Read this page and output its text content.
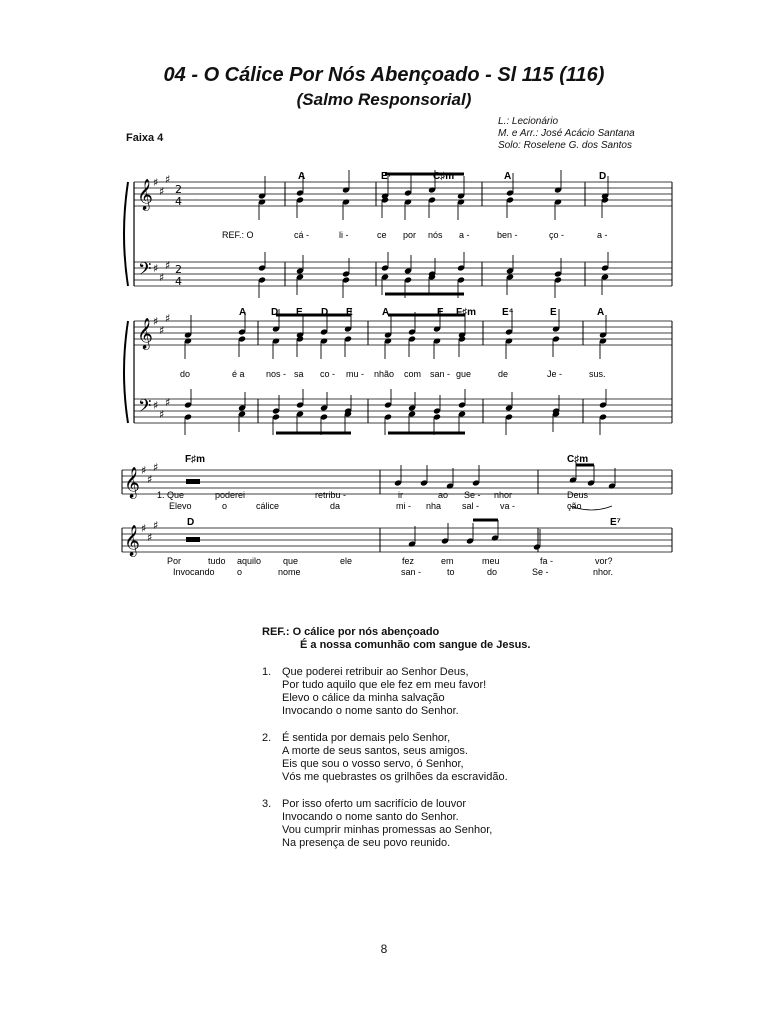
04 - O Cálice Por Nós Abençoado - Sl 115 (116)
(Salmo Responsorial)
L.: Lecionário
M. e Arr.: José Acácio Santana
Solo: Roselene G. dos Santos
Faixa 4
𝄞
𝄢
♯
♯
♯
♯
♯
♯
2
4
2
4
ð̄
𝄞
𝄢
♯
♯
♯
♯
♯
♯
𝄞 ♯
♯
♯
𝄞 ♯
♯
♯
A	E⁷	C♯m	A	D
A D E D E	A	E F♯m	E⁴	E	A
F♯m	C♯m
D	E⁷
REF.: O	cá -	li -	ce por nós a -	ben -	ço -	a -
do	é a nos - sa co - mu - nhão com san - gue	de	Je -	sus.
1. Que	poderei	retribu -	ir	ao Se - nhor	Deus
Elevo	o	cálice	da	mi - nha sal - va -	ção
Por	tudo aquilo que	ele	fez	em	meu	fa -	vor?
Invocando o	nome	san -	to	do	Se -	nhor.
REF.: O cálice por nós abençoado
É a nossa comunhão com sangue de Jesus.
1. Que poderei retribuir ao Senhor Deus,
Por tudo aquilo que ele fez em meu favor!
Elevo o cálice da minha salvação
Invocando o nome santo do Senhor.
2. É sentida por demais pelo Senhor,
A morte de seus santos, seus amigos.
Eis que sou o vosso servo, ó Senhor,
Vós me quebrastes os grilhões da escravidão.
3. Por isso oferto um sacrifício de louvor
Invocando o nome santo do Senhor.
Vou cumprir minhas promessas ao Senhor,
Na presença de seu povo reunido.
8
